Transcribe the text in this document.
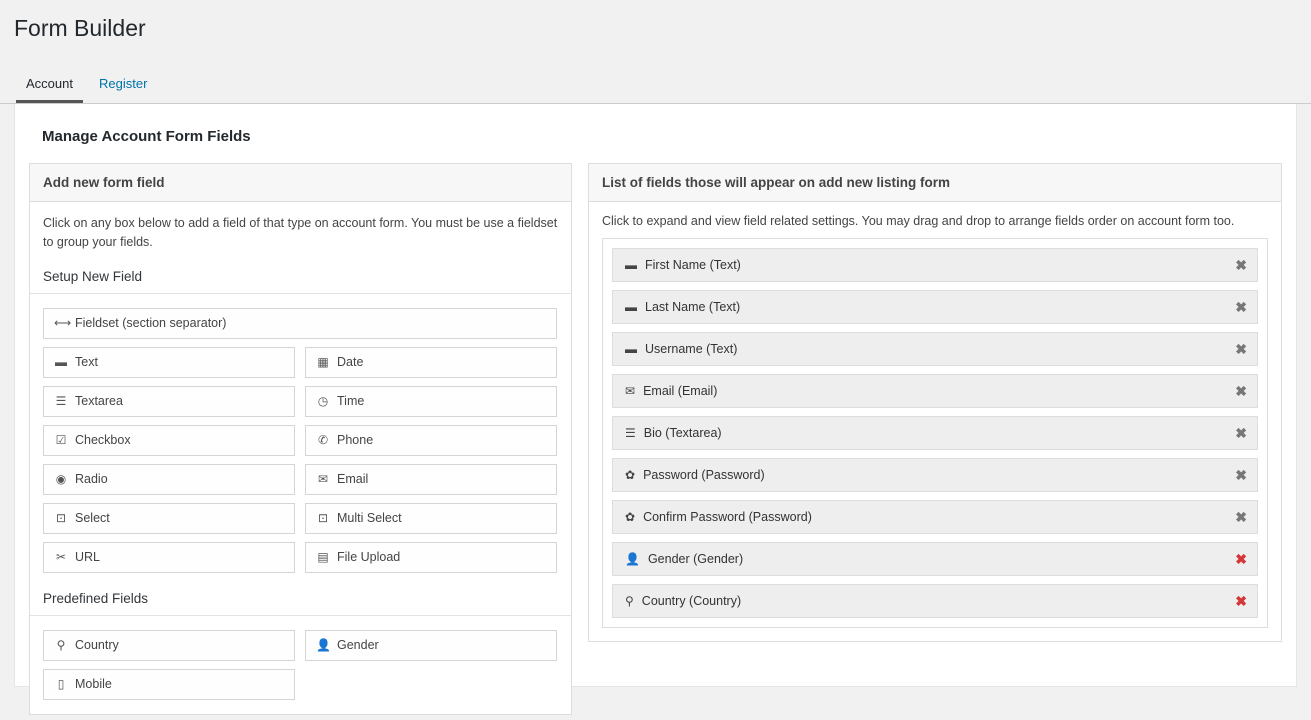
Form Builder
Account	Register
Manage Account Form Fields
Add new form field

Click on any box below to add a field of that type on account form. You must be use a fieldset to group your fields.

Setup New Field
⟷ Fieldset (section separator)
▬ Text	▦ Date
☰ Textarea	◷ Time
☑ Checkbox	✆ Phone
◉ Radio	✉ Email
⊡ Select	⊡ Multi Select
✂ URL	▤ File Upload
Predefined Fields
⚲ Country	👤 Gender
▯ Mobile
List of fields those will appear on add new listing form
Click to expand and view field related settings. You may drag and drop to arrange fields order on account form too.
▬ First Name (Text)	✖
▬ Last Name (Text)	✖
▬ Username (Text)	✖
✉ Email (Email)	✖
☰ Bio (Textarea)	✖
✿ Password (Password)	✖
✿ Confirm Password (Password)	✖
👤 Gender (Gender)	✖
⚲ Country (Country)	✖
